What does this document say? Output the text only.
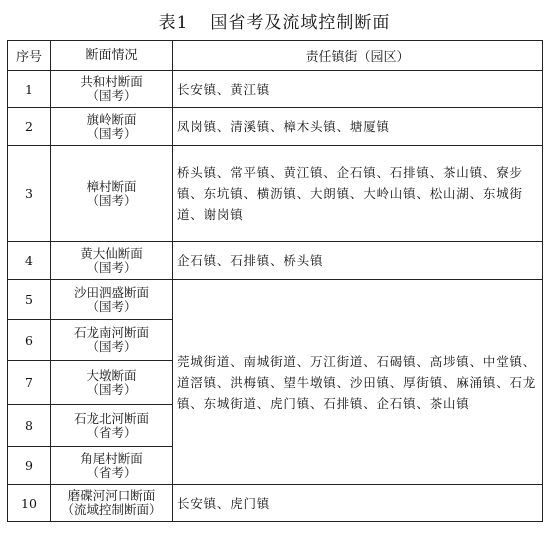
表1 国省考及流域控制断面
序号	断面情况	责任镇街（园区）
1	共和村断面
（国考）	长安镇、黄江镇
2	旗岭断面
（国考）	凤岗镇、清溪镇、樟木头镇、塘厦镇
3	樟村断面
（国考）	桥头镇、常平镇、黄江镇、企石镇、石排镇、茶山镇、寮步镇、东坑镇、横沥镇、大朗镇、大岭山镇、松山湖、东城街道、谢岗镇
4	黄大仙断面
（国考）	企石镇、石排镇、桥头镇
5	沙田泗盛断面
（国考）	莞城街道、南城街道、万江街道、石碣镇、高埗镇、中堂镇、道滘镇、洪梅镇、望牛墩镇、沙田镇、厚街镇、麻涌镇、石龙镇、东城街道、虎门镇、石排镇、企石镇、茶山镇
6	石龙南河断面
（国考）	

7	大墩断面
（国考）	

8	石龙北河断面
（省考）	

9	角尾村断面
（省考）	

10	磨碟河河口断面
（流域控制断面）	长安镇、虎门镇
